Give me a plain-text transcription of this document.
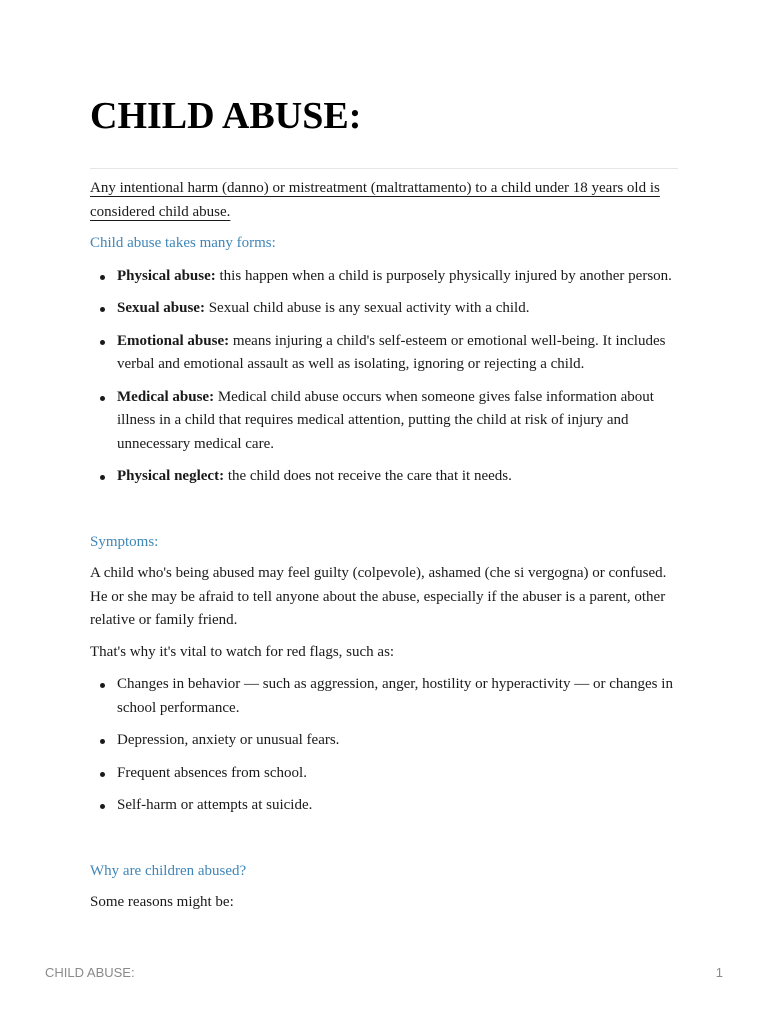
CHILD ABUSE:

Any intentional harm (danno) or mistreatment (maltrattamento) to a child under 18 years old is considered child abuse.

Child abuse takes many forms:

Physical abuse: this happen when a child is purposely physically injured by another person.
Sexual abuse: Sexual child abuse is any sexual activity with a child.
Emotional abuse: means injuring a child's self-esteem or emotional well-being. It includes verbal and emotional assault as well as isolating, ignoring or rejecting a child.
Medical abuse: Medical child abuse occurs when someone gives false information about illness in a child that requires medical attention, putting the child at risk of injury and unnecessary medical care.
Physical neglect: the child does not receive the care that it needs.

Symptoms:

A child who's being abused may feel guilty (colpevole), ashamed (che si vergogna) or confused. He or she may be afraid to tell anyone about the abuse, especially if the abuser is a parent, other relative or family friend.

That's why it's vital to watch for red flags, such as:

Changes in behavior — such as aggression, anger, hostility or hyperactivity — or changes in school performance.
Depression, anxiety or unusual fears.
Frequent absences from school.
Self-harm or attempts at suicide.

Why are children abused?

Some reasons might be:

CHILD ABUSE:	1
